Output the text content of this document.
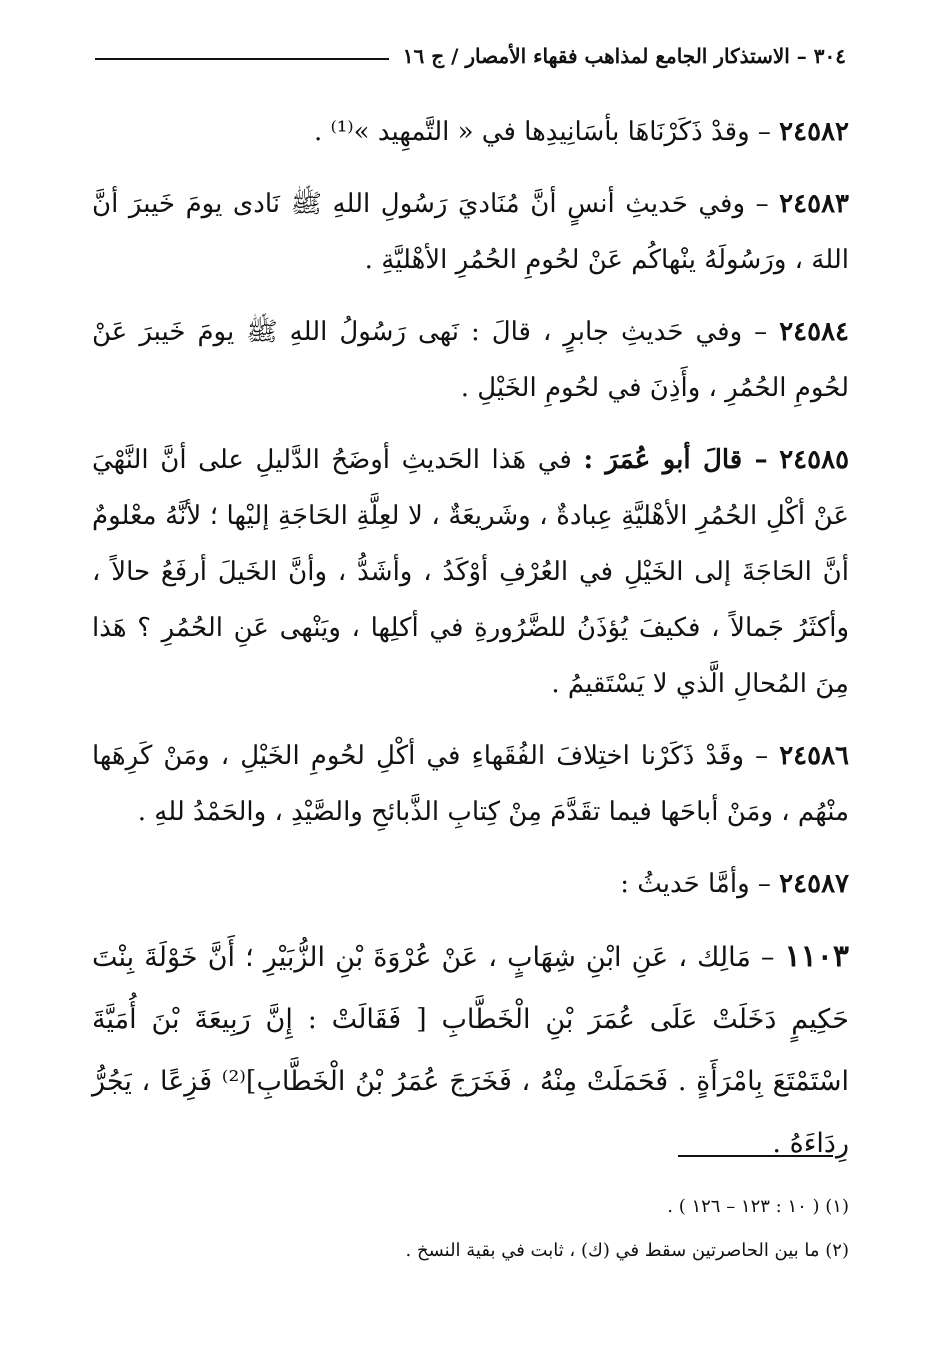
٣٠٤ – الاستذكار الجامع لمذاهب فقهاء الأمصار / ج ١٦

٢٤٥٨٢ – وقدْ ذَكَرْنَاهَا بأسَانِيدِها في « التَّمهِيد »⁽¹⁾ .

٢٤٥٨٣ – وفي حَديثِ أنسٍ أنَّ مُنَاديَ رَسُولِ اللهِ ﷺ نَادى يومَ خَيبرَ أنَّ اللهَ ، ورَسُولَهُ ينْهاكُم عَنْ لحُومِ الحُمُرِ الأهْليَّةِ .

٢٤٥٨٤ – وفي حَديثِ جابرٍ ، قالَ : نَهى رَسُولُ اللهِ ﷺ يومَ خَيبرَ عَنْ لحُومِ الحُمُرِ ، وأَذِنَ في لحُومِ الخَيْلِ .

٢٤٥٨٥ – قالَ أبو عُمَرَ : في هَذا الحَديثِ أوضَحُ الدَّليلِ على أنَّ النَّهْيَ عَنْ أكْلِ الحُمُرِ الأهْليَّةِ عِبادةٌ ، وشَريعَةٌ ، لا لعِلَّةِ الحَاجَةِ إليْها ؛ لأنَّهُ معْلومٌ أنَّ الحَاجَةَ إلى الخَيْلِ في العُرْفِ أوْكَدُ ، وأشَدُّ ، وأنَّ الخَيلَ أرفَعُ حالاً ، وأكثَرُ جَمالاً ، فكيفَ يُؤذَنُ للضَّرُورةِ في أكلِها ، ويَنْهى عَنِ الحُمُرِ ؟ هَذا مِنَ المُحالِ الَّذي لا يَسْتَقيمُ .

٢٤٥٨٦ – وقَدْ ذَكَرْنا اختِلافَ الفُقَهاءِ في أكْلِ لحُومِ الخَيْلِ ، ومَنْ كَرِهَها منْهُم ، ومَنْ أباحَها فيما تقَدَّمَ مِنْ كِتابِ الذَّبائحِ والصَّيْدِ ، والحَمْدُ للهِ .

٢٤٥٨٧ – وأمَّا حَديثُ :

١١٠٣ – مَالِك ، عَنِ ابْنِ شِهَابٍ ، عَنْ عُرْوَةَ بْنِ الزُّبَيْرِ ؛ أَنَّ خَوْلَةَ بِنْتَ حَكِيمٍ دَخَلَتْ عَلَى عُمَرَ بْنِ الْخَطَّابِ [ فَقَالَتْ : إِنَّ رَبِيعَةَ بْنَ أُمَيَّةَ اسْتَمْتَعَ بِامْرَأَةٍ . فَحَمَلَتْ مِنْهُ ، فَخَرَجَ عُمَرُ بْنُ الْخَطَّابِ]⁽²⁾ فَزِعًا ، يَجُرُّ رِدَاءَهُ .

(١) ( ١٠ : ١٢٣ – ١٢٦ ) .
(٢) ما بين الحاصرتين سقط في (ك) ، ثابت في بقية النسخ .
